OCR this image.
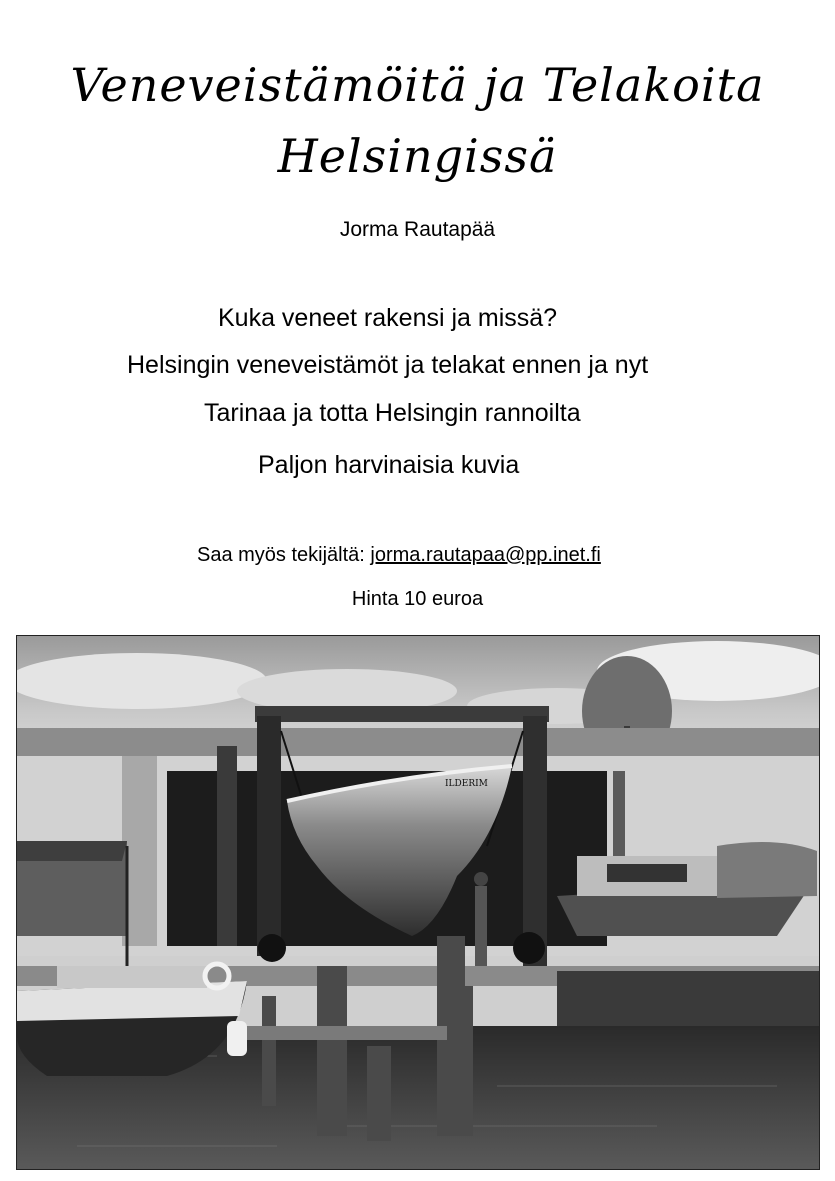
Veneveistämöitä ja Telakoita
Helsingissä
Jorma Rautapää
Kuka veneet rakensi ja missä?
Helsingin veneveistämöt ja telakat ennen ja nyt
Tarinaa ja totta Helsingin rannoilta
Paljon harvinaisia kuvia
Saa myös tekijältä: jorma.rautapaa@pp.inet.fi
Hinta 10 euroa
ILDERIM
